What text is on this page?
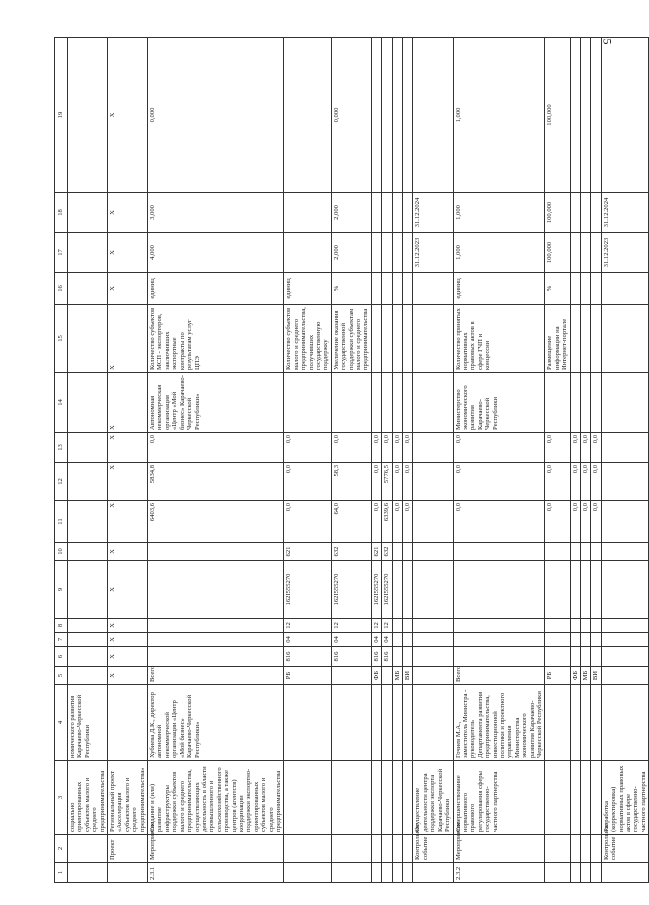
5
1	2	3	4	5	6	7	8	9	10	11	12	13	14	15	16	17	18	19
		социально ориентированных субъектов малого и среднего предпринимательства	номического развития Карачаево-Черкесской Республики															
	Проект	Региональный проект «Акселерация субъектов малого и среднего предпринимательства»		X	X	X	X	X	X	X	X	X	X	X	X	X	X	X
2.3.1	Мероприятие	Создание и (или) развитие инфраструктуры поддержки субъектов малого и среднего предпринимательства, осуществляющих деятельность в области промышленного и сельскохозяйственного производства, а также центров (агентств) координации поддержки экспортно-ориентированных субъектов малого и среднего предпринимательства	Хубиева Д.К., директор автономной некоммерческой организации «Центр «Мой бизнес» Карачаево-Черкесской Республики»	Всего						6403,6	5834,8	0,0	Автономная некоммерческая организация «Центр «Мой бизнес» Карачаево-Черкесской Республики»	Количество субъектов МСП - экспортеров, заключивших экспортные контракты по результатам услуг ЦПЭ	единиц	4,000	3,000	0,000
				РБ	816	04	12	162I555270	621	0,0	0,0	0,0		Количество субъектов малого и среднего предпринимательства, получивших государственную поддержку	единиц			
					816	04	12	162I555270	632	64,0	58,3	0,0		Увеличение оказания государственной поддержки субъектам малого и среднего предпринимательства	%	2,000	2,000	0,000
				ФБ	816	04	12	162I555270	621	0,0	0,0	0,0						
					816	04	12	162I555270	632	6339,6	5776,5	0,0						
				МБ						0,0	0,0	0,0						
				ВИ						0,0	0,0	0,0						
	Контрольное событие	Осуществление деятельности центра поддержки экспорта Карачаево-Черкесской Республики														31.12.2023	31.12.2024	
2.3.2	Мероприятие	Совершенствование нормативного правового регулирования сферы государственно-частного партнерства	Гочиев М.А., заместитель Министра - руководитель Департамента развития предпринимательства, инвестиционной политики и проектного управления Министерства экономического развития Карачаево-Черкесской Республики	Всего						0,0	0,0	0,0	Министерство экономического развития Карачаево-Черкесской Республики	Количество принятых нормативных правовых актов в сфере ГЧП и концессии	единиц	1,000	1,000	1,000
				РБ						0,0	0,0	0,0		Размещение информации на Интернет-портале	%	100,000	100,000	100,000
				ФБ						0,0	0,0	0,0						
				МБ						0,0	0,0	0,0						
				ВИ						0,0	0,0	0,0						
	Контрольное событие	Разработка (корректировка) нормативных правовых актов в сфере государственно-частного партнерства														31.12.2023	31.12.2024	
